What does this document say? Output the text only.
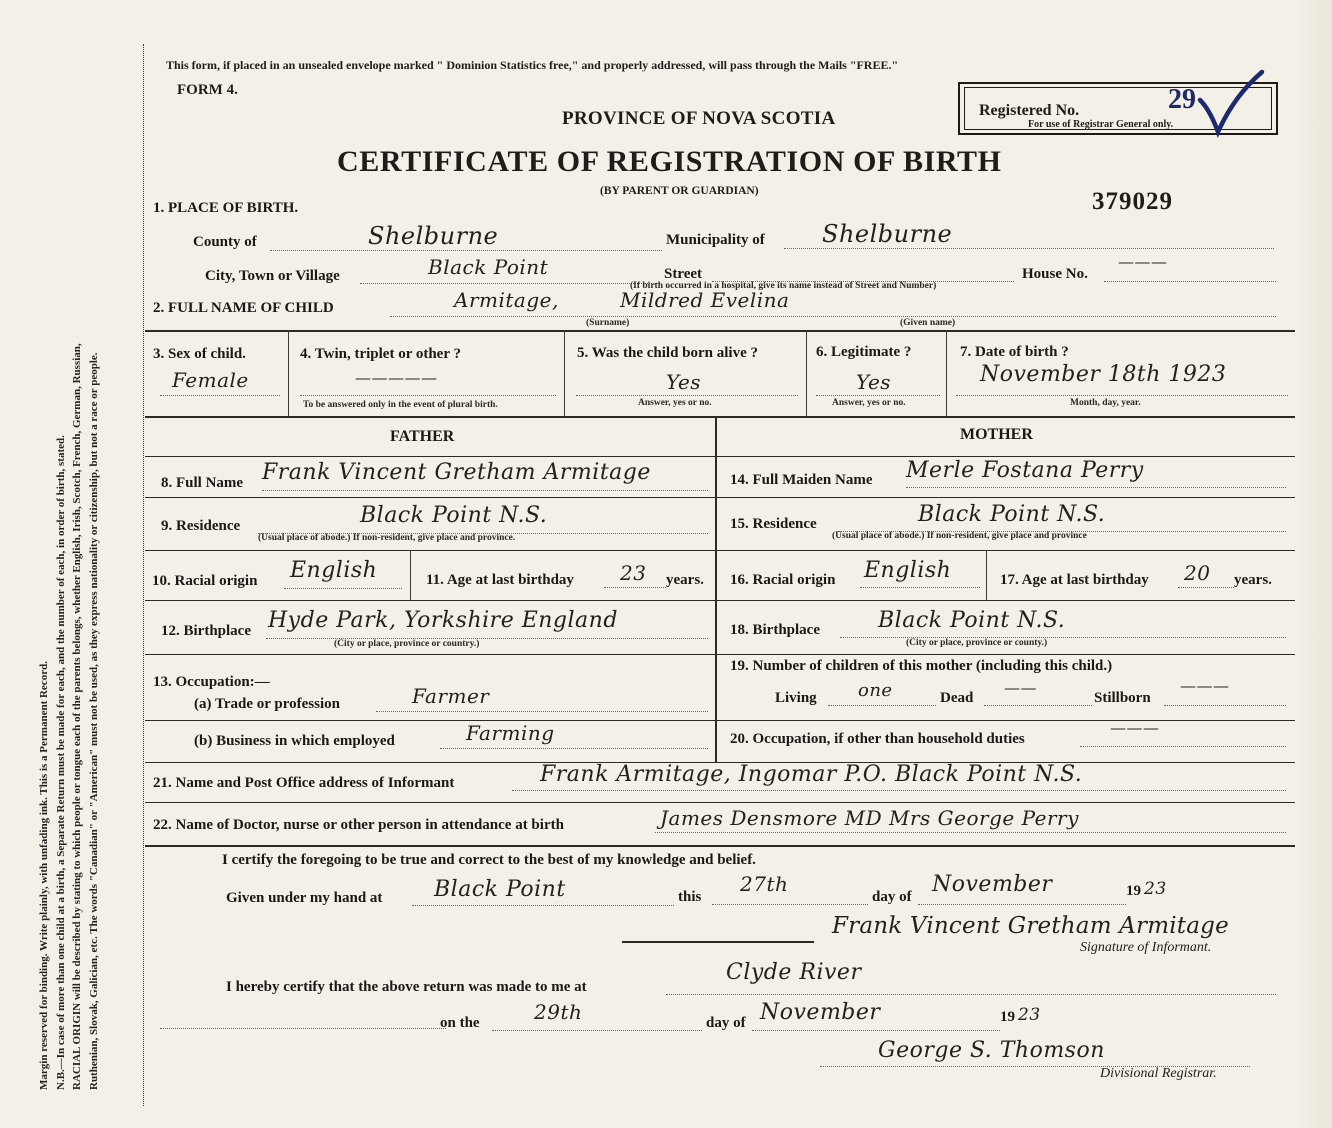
Margin reserved for binding. Write plainly, with unfading ink. This is a Permanent Record. N.B.—In case of more than one child at a birth, a Separate Return must be made for each, and the number of each, in order of birth, stated. RACIAL ORIGIN will be described by stating to which people or tongue each of the parents belongs, whether English, Irish, Scotch, French, German, Russian, Ruthenian, Slovak, Galician, etc. The words "Canadian" or "American" must not be used, as they express nationality or citizenship, but not a race or people.
This form, if placed in an unsealed envelope marked " Dominion Statistics free," and properly addressed, will pass through the Mails "FREE."
FORM 4.
PROVINCE OF NOVA SCOTIA
CERTIFICATE OF REGISTRATION OF BIRTH
(BY PARENT OR GUARDIAN)
Registered No.	29
For use of Registrar General only.
379029
1. PLACE OF BIRTH.
County of	Shelburne	Municipality of Shelburne
City, Town or Village	Black Point	Street
(If birth occurred in a hospital, give its name instead of Street and Number)
House No.
———
2. FULL NAME OF CHILD	Armitage,	Mildred Evelina
(Surname)	(Given name)
3. Sex of child.
Female
4. Twin, triplet or other ?
—————
To be answered only in the event of plural birth.
5. Was the child born alive ?
Yes
Answer, yes or no.
6. Legitimate ?
Yes
Answer, yes or no.
7. Date of birth ?
November 18th 1923
Month, day, year.
FATHER	MOTHER
8. Full Name Frank Vincent Gretham Armitage	14. Full Maiden Name Merle Fostana Perry
9. Residence	Black Point N.S.
(Usual place of abode.) If non-resident, give place and province.
15. Residence	Black Point N.S.
(Usual place of abode.) If non-resident, give place and province
10. Racial origin English	11. Age at last birthday 23 years. 16. Racial origin English	17. Age at last birthday 20 years.
12. Birthplace Hyde Park, Yorkshire England
(City or place, province or country.)
18. Birthplace	Black Point N.S.
(City or place, province or county.)
13. Occupation:—
(a) Trade or profession	Farmer
19. Number of children of this mother (including this child.)
Living one	Dead
——
Stillborn
———
(b) Business in which employed	Farming	20. Occupation, if other than household duties
———
21. Name and Post Office address of Informant	Frank Armitage, Ingomar P.O. Black Point N.S.
22. Name of Doctor, nurse or other person in attendance at birth	James Densmore MD Mrs George Perry
I certify the foregoing to be true and correct to the best of my knowledge and belief.
Given under my hand at Black Point	this
27th
day of November	19 23
Frank Vincent Gretham Armitage
Signature of Informant.
I hereby certify that the above return was made to me at
Clyde River
on the	29th	day of November	19 23
George S. Thomson
Divisional Registrar.
